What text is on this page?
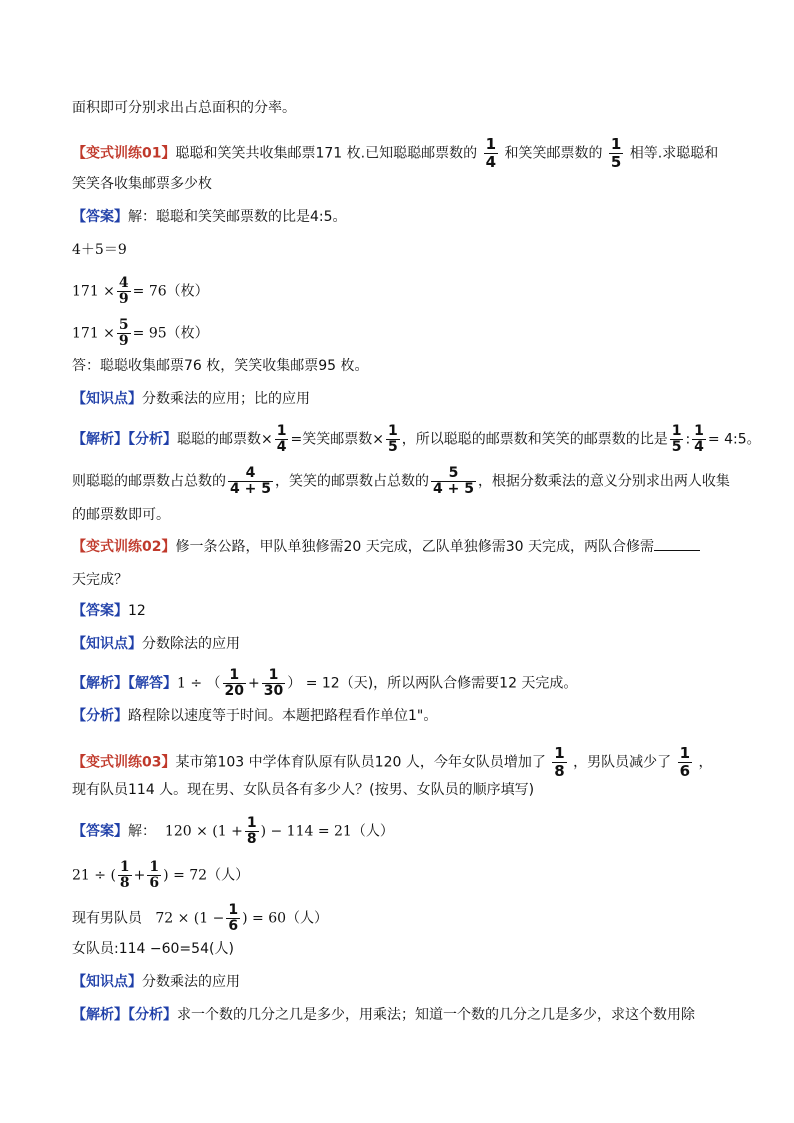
面积即可分别求出占总面积的分率。
【变式训练01】聪聪和笑笑共收集邮票171 枚.已知聪聪邮票数的 $\frac{1}{4}$ 和笑笑邮票数的 $\frac{1}{5}$ 相等.求聪聪和
笑笑各收集邮票多少枚
【答案】解：聪聪和笑笑邮票数的比是4:5。
4＋5＝9
$171 \times \frac{4}{9} = 76$（枚）
$171 \times \frac{5}{9} = 95$（枚）
答：聪聪收集邮票76 枚，笑笑收集邮票95 枚。
【知识点】分数乘法的应用；比的应用
【解析】【分析】聪聪的邮票数× $\frac{1}{4}$ =笑笑邮票数× $\frac{1}{5}$ ，所以聪聪的邮票数和笑笑的邮票数的比是 $\frac{1}{5}$ : $\frac{1}{4}$ = 4:5。
则聪聪的邮票数占总数的 $\frac{4}{4 + 5}$ ，笑笑的邮票数占总数的 $\frac{5}{4 + 5}$ ，根据分数乘法的意义分别求出两人收集
的邮票数即可。
【变式训练02】修一条公路，甲队单独修需20 天完成，乙队单独修需30 天完成，两队合修需
天完成？
【答案】12
【知识点】分数除法的应用
【解析】【解答】1 ÷ （ $\frac{1}{20} + \frac{1}{30}$ ） = 12（天)，所以两队合修需要12 天完成。
【分析】路程除以速度等于时间。本题把路程看作单位1"。
【变式训练03】某市第103 中学体育队原有队员120 人，今年女队员增加了 $\frac{1}{8}$ ，男队员减少了 $\frac{1}{6}$ ，
现有队员114 人。现在男、女队员各有多少人？(按男、女队员的顺序填写)
【答案】解： $120 \times (1 + \frac{1}{8}$ ) − 114 = 21（人）
21 ÷ ( $\frac{1}{8} + \frac{1}{6}$ ) = 72（人）
现有男队员 $72 \times (1 - \frac{1}{6}$ ) = 60（人）
女队员:114 −60=54(人)
【知识点】分数乘法的应用
【解析】【分析】求一个数的几分之几是多少，用乘法；知道一个数的几分之几是多少，求这个数用除
